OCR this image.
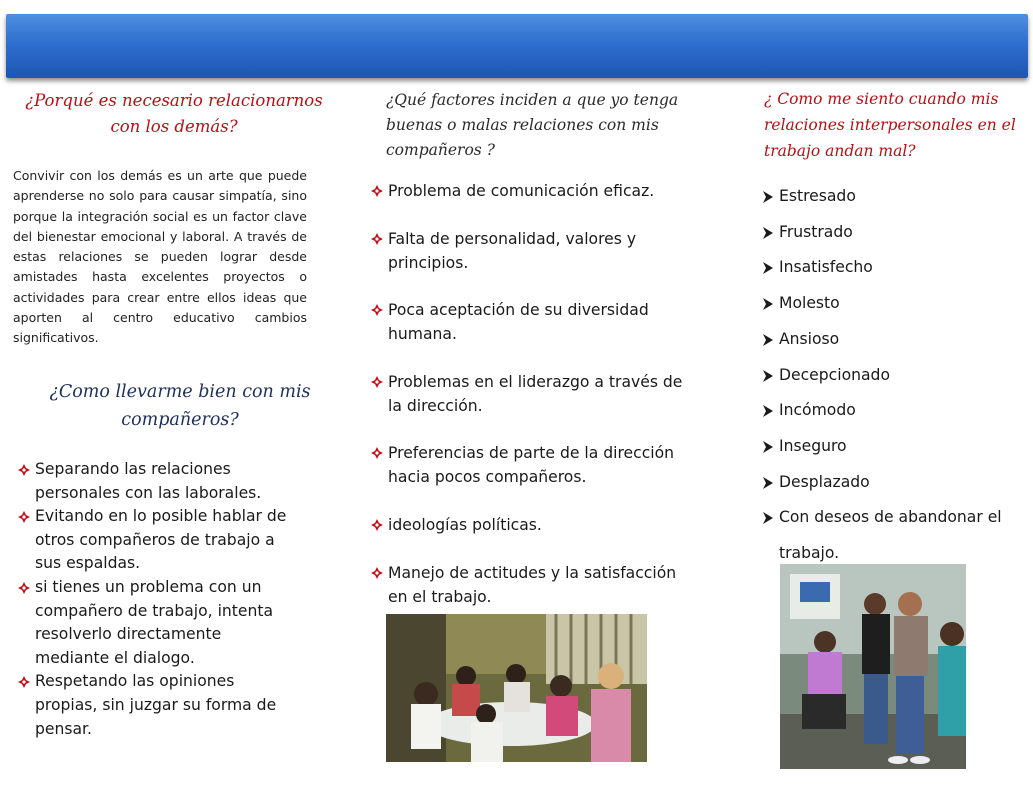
¿Porqué es necesario relacionarnos con los demás?

Convivir con los demás es un arte que puede aprenderse no solo para causar simpatía, sino porque la integración social es un factor clave del bienestar emocional y laboral. A través de estas relaciones se pueden lograr desde amistades hasta excelentes proyectos o actividades para crear entre ellos ideas que aporten al centro educativo cambios significativos.

¿Como llevarme bien con mis compañeros?
Separando las relaciones personales con las laborales.
Evitando en lo posible hablar de otros compañeros de trabajo a sus espaldas.
si tienes un problema con un compañero de trabajo, intenta resolverlo directamente mediante el dialogo.
Respetando las opiniones propias, sin juzgar su forma de pensar.
¿Qué factores inciden a que yo tenga buenas o malas relaciones con mis compañeros ?
Problema de comunicación eficaz.
Falta de personalidad, valores y principios.
Poca aceptación de su diversidad humana.
Problemas en el liderazgo a través de la dirección.
Preferencias de parte de la dirección hacia pocos compañeros.
ideologías políticas.
Manejo de actitudes y la satisfacción en el trabajo.
¿ Como me siento cuando mis relaciones interpersonales en el trabajo andan mal?
Estresado
Frustrado
Insatisfecho
Molesto
Ansioso
Decepcionado
Incómodo
Inseguro
Desplazado
Con deseos de abandonar el trabajo.
